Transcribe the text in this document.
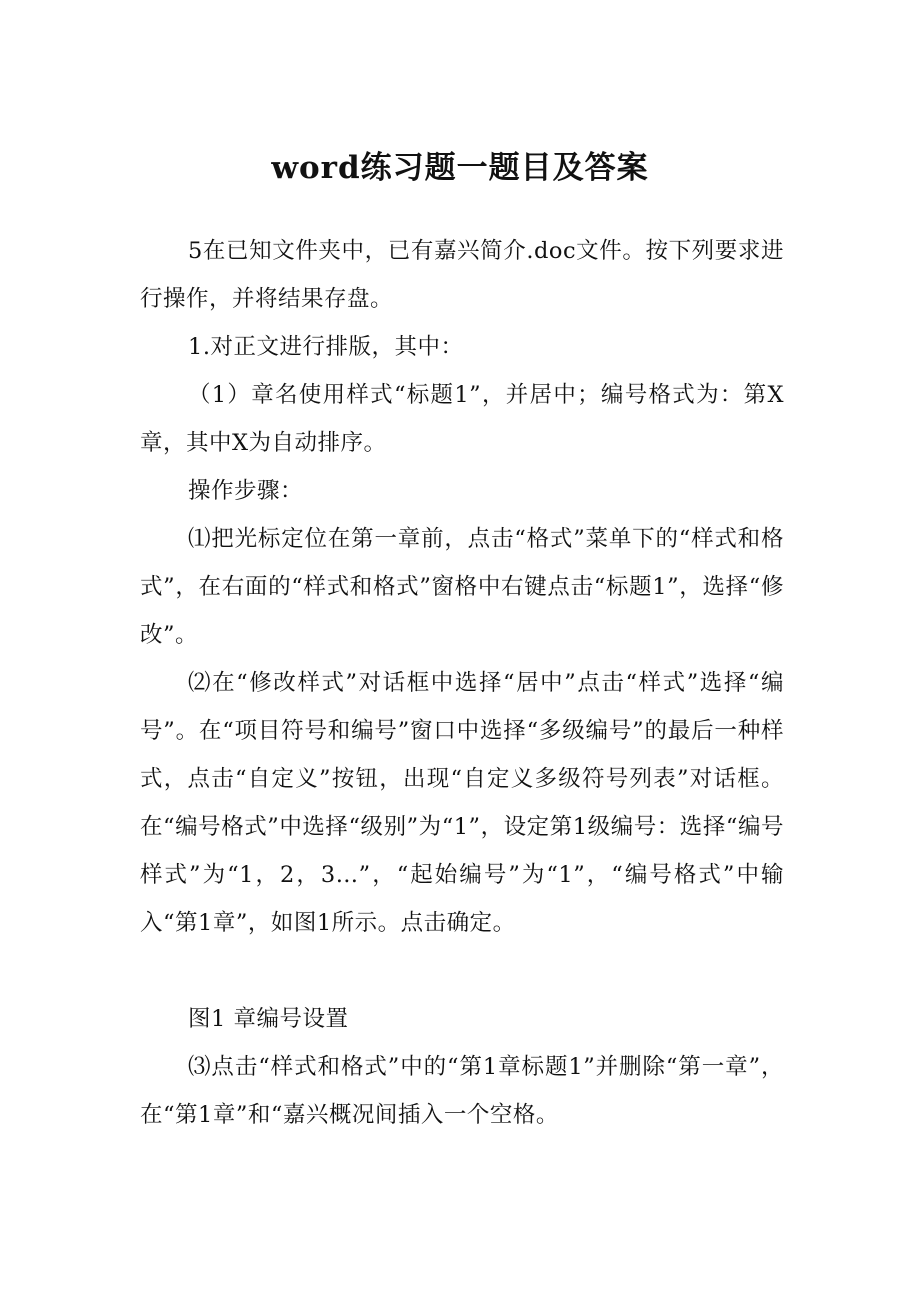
word练习题一题目及答案

5在已知文件夹中，已有嘉兴简介.doc文件。按下列要求进行操作，并将结果存盘。

1.对正文进行排版，其中：

（1）章名使用样式“标题1”，并居中；编号格式为：第X章，其中X为自动排序。

操作步骤：

⑴把光标定位在第一章前，点击“格式”菜单下的“样式和格式”，在右面的“样式和格式”窗格中右键点击“标题1”，选择“修改”。

⑵在“修改样式”对话框中选择“居中”点击“样式”选择“编号”。在“项目符号和编号”窗口中选择“多级编号”的最后一种样式，点击“自定义”按钮，出现“自定义多级符号列表”对话框。在“编号格式”中选择“级别”为“1”，设定第1级编号：选择“编号样式”为“1，2，3…”，“起始编号”为“1”，“编号格式”中输入“第1章”，如图1所示。点击确定。

图1 章编号设置

⑶点击“样式和格式”中的“第1章标题1”并删除“第一章”，在“第1章”和“嘉兴概况间插入一个空格。
